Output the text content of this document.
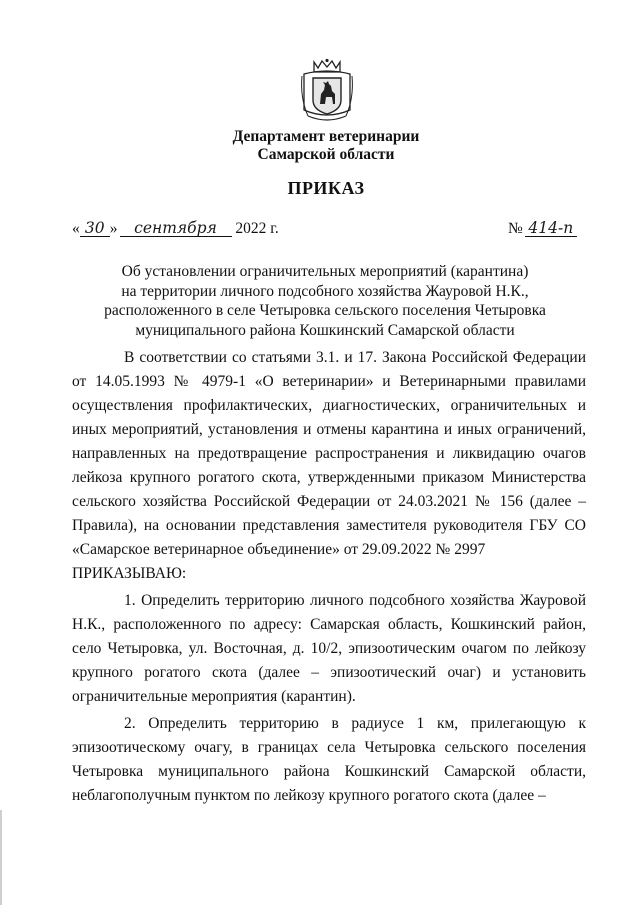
Департамент ветеринарии
Самарской области
ПРИКАЗ
« 30 » сентября 2022 г.	№ 414-п
Об установлении ограничительных мероприятий (карантина)
на территории личного подсобного хозяйства Жауровой Н.К.,
расположенного в селе Четыровка сельского поселения Четыровка
муниципального района Кошкинский Самарской области

В соответствии со статьями 3.1. и 17. Закона Российской Федерации от 14.05.1993 № 4979-1 «О ветеринарии» и Ветеринарными правилами осуществления профилактических, диагностических, ограничительных и иных мероприятий, установления и отмены карантина и иных ограничений, направленных на предотвращение распространения и ликвидацию очагов лейкоза крупного рогатого скота, утвержденными приказом Министерства сельского хозяйства Российской Федерации от 24.03.2021 № 156 (далее – Правила), на основании представления заместителя руководителя ГБУ СО «Самарское ветеринарное объединение» от 29.09.2022 № 2997

ПРИКАЗЫВАЮ:

1. Определить территорию личного подсобного хозяйства Жауровой Н.К., расположенного по адресу: Самарская область, Кошкинский район, село Четыровка, ул. Восточная, д. 10/2, эпизоотическим очагом по лейкозу крупного рогатого скота (далее – эпизоотический очаг) и установить ограничительные мероприятия (карантин).

2. Определить территорию в радиусе 1 км, прилегающую к эпизоотическому очагу, в границах села Четыровка сельского поселения Четыровка муниципального района Кошкинский Самарской области, неблагополучным пунктом по лейкозу крупного рогатого скота (далее –
